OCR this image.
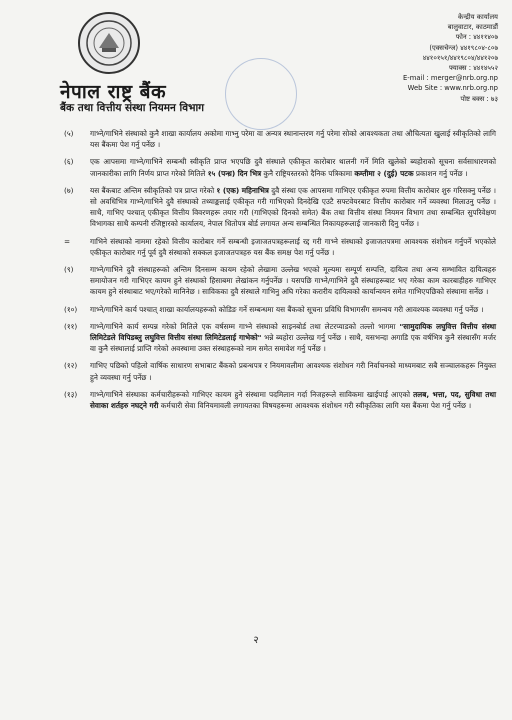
नेपाल राष्ट्र बैंक
बैंक तथा वित्तीय संस्था नियमन विभाग
केन्द्रीय कार्यालय
बालुवाटार, काठमाडौं
फोन : ४४११४०७
(एक्सचेन्ज) ४४१९८०४-८०७
४४१०१५१/४४१९८०४/४४१२०७
फ्याक्स : ४४१४५५२
E-mail : merger@nrb.org.np
Web Site : www.nrb.org.np
पोष्ट बक्स : ७३
(५)	गाभ्ने/गाभिने संस्थाको कुनै शाखा कार्यालय अकोमा गाभ्नु परेमा वा अन्यत्र स्थानान्तरण गर्नु परेमा सोको आवश्यकता तथा औचित्यता खुलाई स्वीकृतिको लागि यस बैंकमा पेश गर्नु पर्नेछ ।
(६)	एक आपसमा गाभ्ने/गाभिने सम्बन्धी स्वीकृति प्राप्त भएपछि दुवै संस्थाले एकीकृत कारोबार थालनी गर्ने मिति खुलेको ब्यहोराको सूचना सर्वसाधारणको जानकारीका लागि निर्णय प्राप्त गरेको मितिले १५ (पन्ध्र) दिन भित्र कुनै राष्ट्रियस्तरको दैनिक पत्रिकामा कम्तीमा २ (दुई) पटक प्रकाशन गर्नु पर्नेछ ।
(७)	यस बैंकबाट अन्तिम स्वीकृतिको पत्र प्राप्त गरेको १ (एक) महिनाभित्र दुवै संस्था एक आपसमा गाभिएर एकीकृत रुपमा वित्तीय कारोबार शुरु गरिसक्नु पर्नेछ । सो अवधिभित्र गाभ्ने/गाभिने दुवै संस्थाको तथ्याङ्कलाई एकीकृत गरी गाभिएको दिनदेखि एउटै सफ्टवेयरबाट वित्तीय कारोबार गर्ने व्यवस्था मिलाउनु पर्नेछ । साथै, गाभिए पश्चात् एकीकृत वित्तीय विवरणहरू तयार गरी (गाभिएको दिनको समेत) बैंक तथा वित्तीय संस्था नियमन विभाग तथा सम्बन्धित सुपरिवेक्षण विभागका साथै कम्पनी रजिष्ट्रारको कार्यालय, नेपाल धितोपत्र बोर्ड लगायत अन्य सम्बन्धित निकायहरूलाई जानकारी दिनु पर्नेछ ।
=	गाभिने संस्थाको नाममा रहेको वित्तीय कारोबार गर्ने सम्बन्धी इजाजतपत्रहरूलाई रद्द गरी गाभ्ने संस्थाको इजाजतपत्रमा आवश्यक संशोधन गर्नुपर्ने भएकोले एकीकृत कारोबार गर्नु पूर्व दुवै संस्थाको सक्कल इजाजतपत्रहरु यस बैंक समक्ष पेश गर्नु पर्नेछ ।
(९)	गाभ्ने/गाभिने दुवै संस्थाहरूको अन्तिम दिनसम्म कायम रहेको लेखामा उल्लेख भएको मूल्यमा सम्पूर्ण सम्पत्ति, दायित्व तथा अन्य सम्भावित दायित्वहरु समायोजन गरी गाभिएर कायम हुने संस्थाको हिसाबमा लेखांकन गर्नुपर्नेछ । यसपछि गाभ्ने/गाभिने दुवै संस्थाहरूबाट भए गरेका काम कारबाहीहरु गाभिएर कायम हुने संस्थाबाट भए/गरेको मानिनेछ । साविकका दुवै संस्थाले गाभिनु अघि गरेका करारीय दायित्वको कार्यान्वयन समेत गाभिएपछिको संस्थामा सर्नेछ ।
(१०)	गाभ्ने/गाभिने कार्य पश्चात् शाखा कार्यालयहरूको कोडिङ गर्ने सम्बन्धमा यस बैंकको सूचना प्रविधि विभागसँग समन्वय गरी आवश्यक व्यवस्था गर्नु पर्नेछ ।
(११)	गाभ्ने/गाभिने कार्य सम्पन्न गरेको मितिले एक वर्षसम्म गाभ्ने संस्थाको साइनबोर्ड तथा लेटरप्याडको तल्लो भागमा "सामुदायिक लघुवित्त वित्तीय संस्था लिमिटेडले विपिडब्लु लघुवित्त वित्तीय संस्था लिमिटेडलाई गाभेको" भन्ने ब्यहोरा उल्लेख गर्नु पर्नेछ । साथै, यसभन्दा अगाडि एक वर्षभित्र कुनै संस्थासँग मर्जर वा कुनै संस्थालाई प्राप्ति गरेको अवस्थामा उक्त संस्थाहरूको नाम समेत समावेश गर्नु पर्नेछ ।
(१२)	गाभिए पछिको पहिलो वार्षिक साधारण सभाबाट बैंकको प्रबन्धपत्र र नियमावलीमा आवश्यक संशोधन गरी निर्वाचनको माध्यमबाट सबै सञ्चालकहरू नियुक्त हुने व्यवस्था गर्नु पर्नेछ ।
(१३)	गाभ्ने/गाभिने संस्थाका कर्मचारीहरूको गाभिएर कायम हुने संस्थामा पदमिलान गर्दा निजहरूले साविकमा खाईपाई आएको तलब, भत्ता, पद, सुविधा तथा सेवाका शर्तहरु नघट्ने गरी कर्मचारी सेवा विनियमावली लगायतका विषयहरूमा आवश्यक संशोधन गरी स्वीकृतिका लागि यस बैंकमा पेश गर्नु पर्नेछ ।
२
